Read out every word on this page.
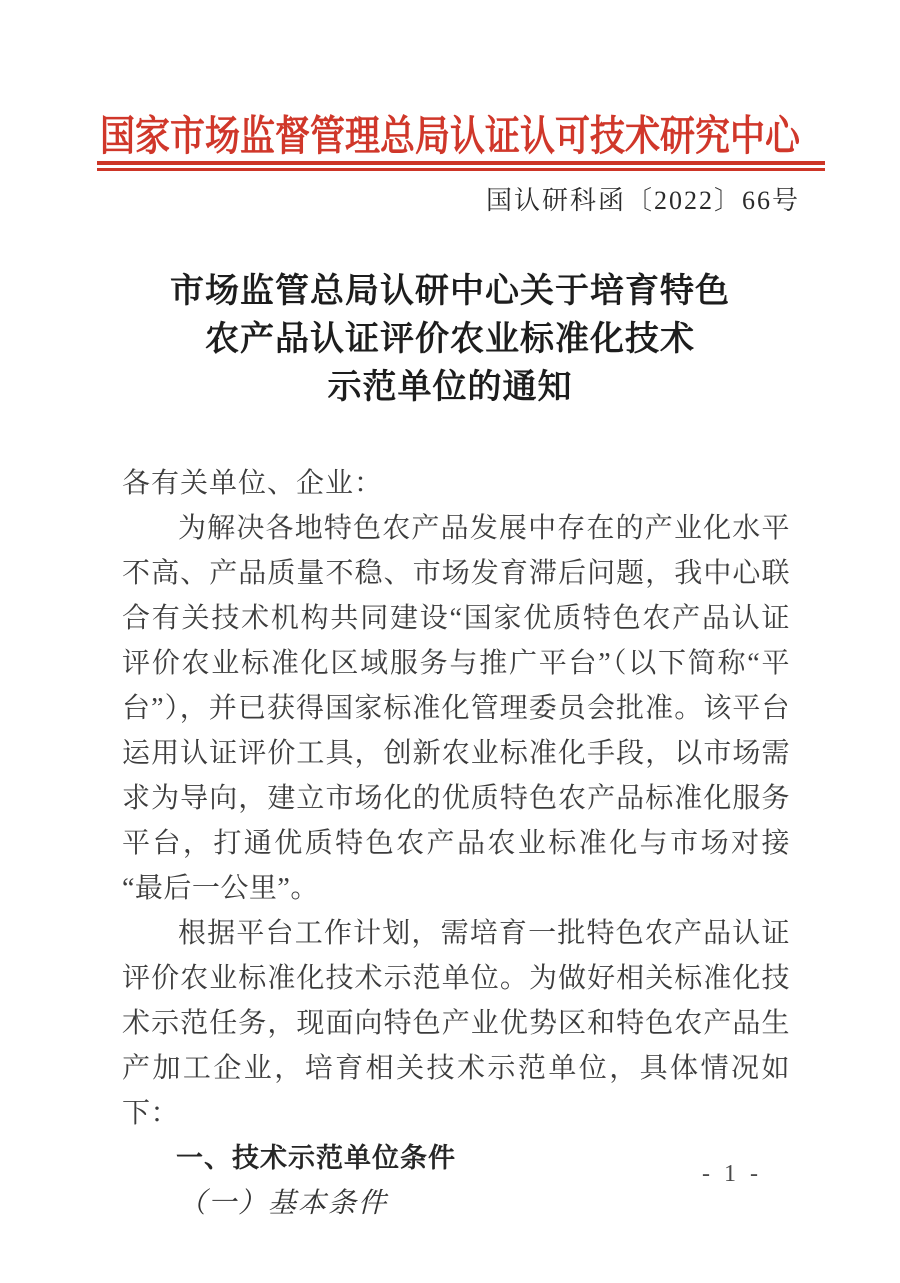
国家市场监督管理总局认证认可技术研究中心
国认研科函〔2022〕66号
市场监管总局认研中心关于培育特色
农产品认证评价农业标准化技术
示范单位的通知

各有关单位、企业：

为解决各地特色农产品发展中存在的产业化水平不高、产品质量不稳、市场发育滞后问题，我中心联合有关技术机构共同建设“国家优质特色农产品认证评价农业标准化区域服务与推广平台”（以下简称“平台”），并已获得国家标准化管理委员会批准。该平台运用认证评价工具，创新农业标准化手段，以市场需求为导向，建立市场化的优质特色农产品标准化服务平台，打通优质特色农产品农业标准化与市场对接“最后一公里”。

根据平台工作计划，需培育一批特色农产品认证评价农业标准化技术示范单位。为做好相关标准化技术示范任务，现面向特色产业优势区和特色农产品生产加工企业，培育相关技术示范单位，具体情况如下：

一、技术示范单位条件

（一）基本条件

- 1 -
